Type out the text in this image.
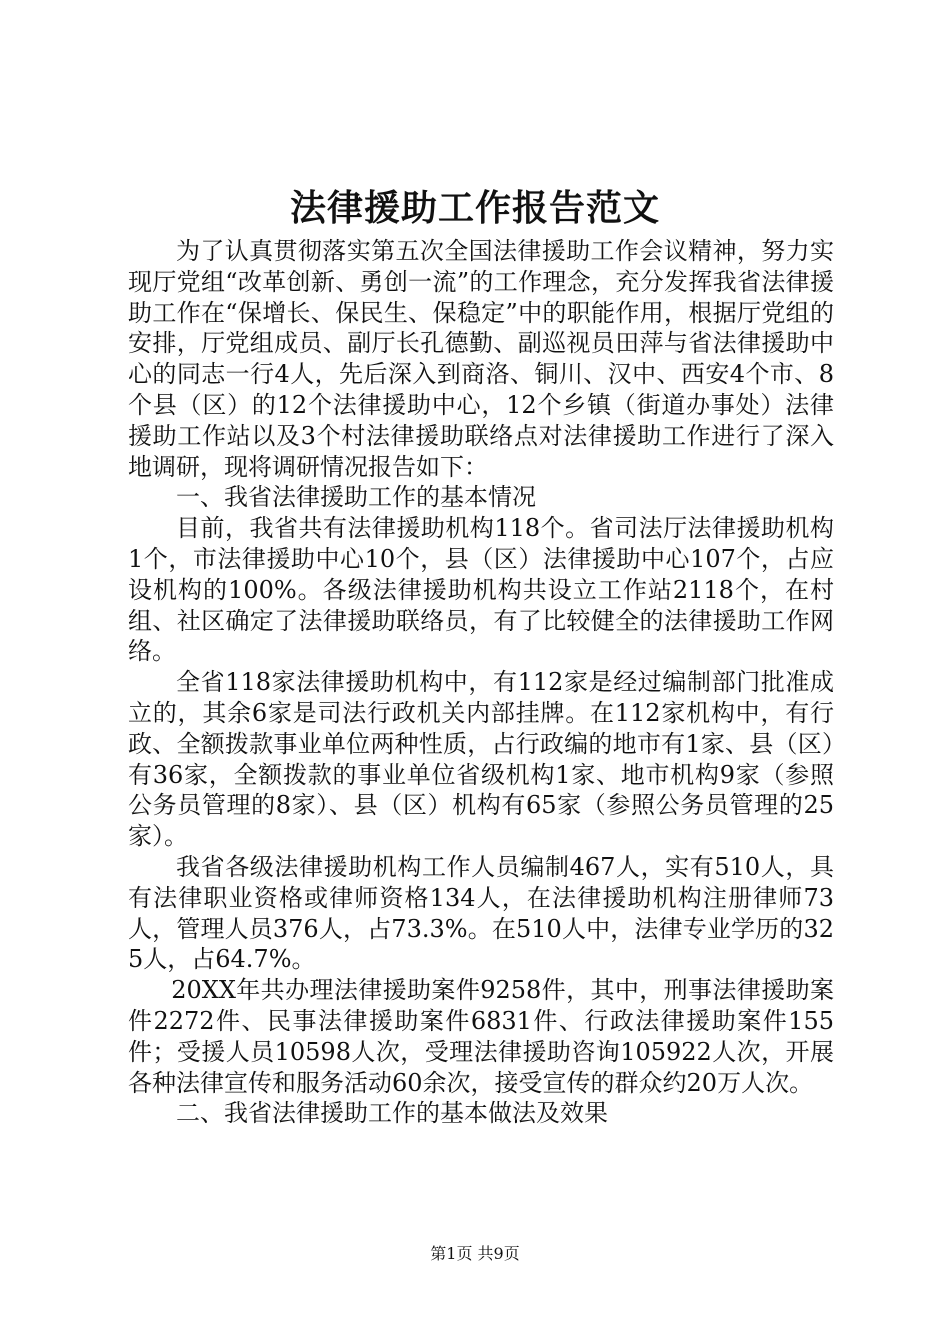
法律援助工作报告范文

为了认真贯彻落实第五次全国法律援助工作会议精神，努力实现厅党组“改革创新、勇创一流”的工作理念，充分发挥我省法律援助工作在“保增长、保民生、保稳定”中的职能作用，根据厅党组的安排，厅党组成员、副厅长孔德勤、副巡视员田萍与省法律援助中心的同志一行4人，先后深入到商洛、铜川、汉中、西安4个市、8个县（区）的12个法律援助中心，12个乡镇（街道办事处）法律援助工作站以及3个村法律援助联络点对法律援助工作进行了深入地调研，现将调研情况报告如下：

一、我省法律援助工作的基本情况

目前，我省共有法律援助机构118个。省司法厅法律援助机构1个，市法律援助中心10个，县（区）法律援助中心107个，占应设机构的100%。各级法律援助机构共设立工作站2118个，在村组、社区确定了法律援助联络员，有了比较健全的法律援助工作网络。

全省118家法律援助机构中，有112家是经过编制部门批准成立的，其余6家是司法行政机关内部挂牌。在112家机构中，有行政、全额拨款事业单位两种性质，占行政编的地市有1家、县（区）有36家，全额拨款的事业单位省级机构1家、地市机构9家（参照公务员管理的8家）、县（区）机构有65家（参照公务员管理的25家）。

我省各级法律援助机构工作人员编制467人，实有510人，具有法律职业资格或律师资格134人，在法律援助机构注册律师73人，管理人员376人，占73.3%。在510人中，法律专业学历的325人，占64.7%。

20XX年共办理法律援助案件9258件，其中，刑事法律援助案件2272件、民事法律援助案件6831件、行政法律援助案件155件；受援人员10598人次，受理法律援助咨询105922人次，开展各种法律宣传和服务活动60余次，接受宣传的群众约20万人次。

二、我省法律援助工作的基本做法及效果

第1页 共9页
